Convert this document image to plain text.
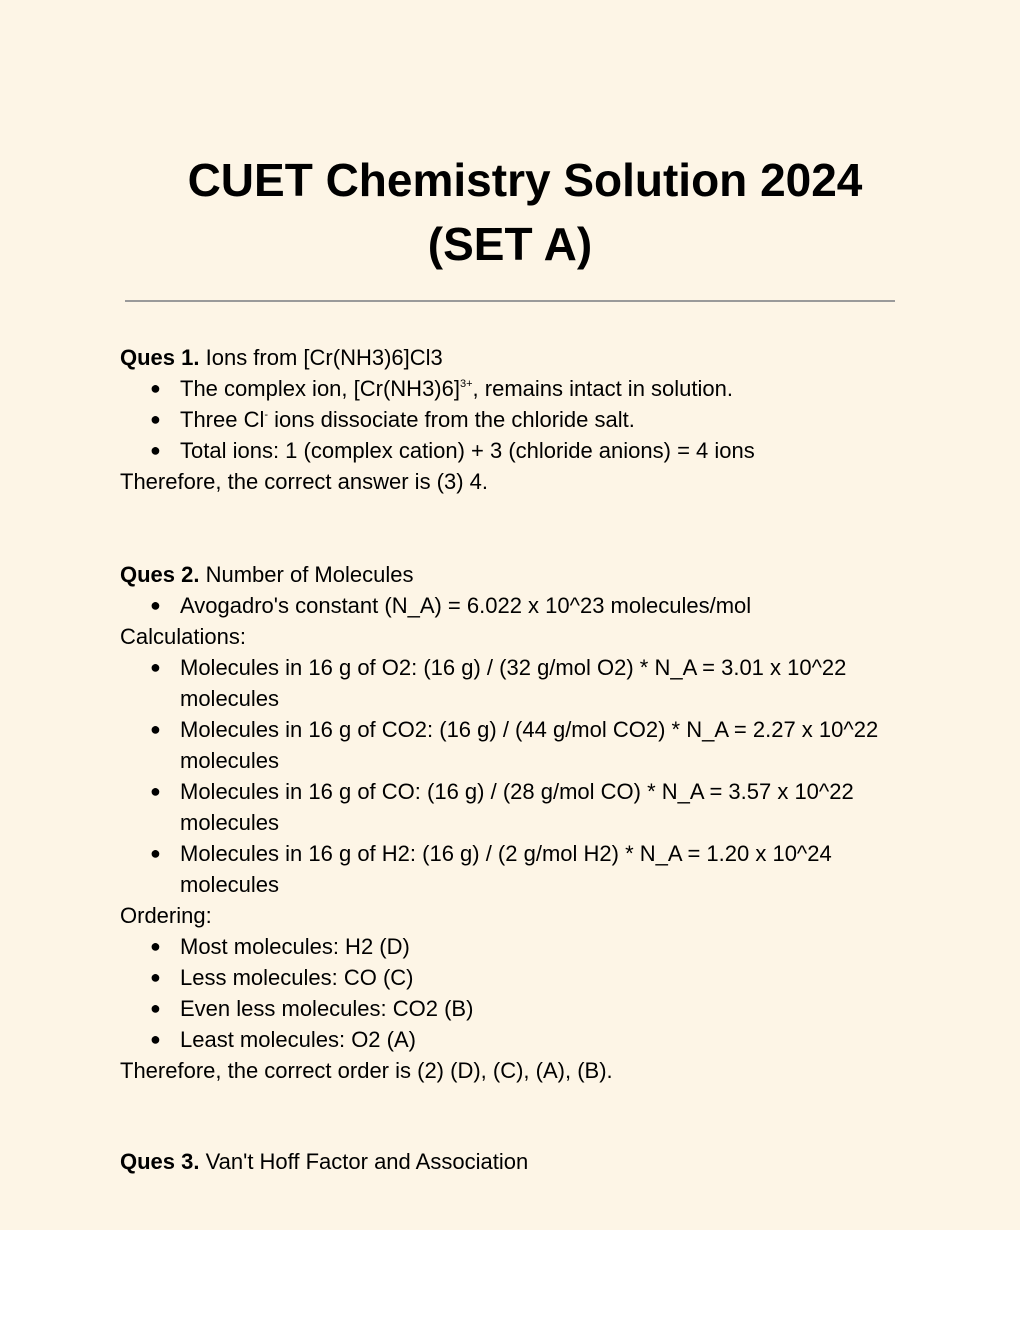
CUET Chemistry Solution 2024
(SET A)

Ques 1. Ions from [Cr(NH3)6]Cl3

● The complex ion, $[Cr(NH3)6]^{3+}$, remains intact in solution.
● Three Cl- ions dissociate from the chloride salt.
● Total ions: 1 (complex cation) + 3 (chloride anions) = 4 ions

Therefore, the correct answer is (3) 4.

Ques 2. Number of Molecules

● Avogadro's constant (N_A) = 6.022 x 10^23 molecules/mol

Calculations:

● Molecules in 16 g of O2: (16 g) / (32 g/mol O2) * N_A = 3.01 x 10^22 molecules
● Molecules in 16 g of CO2: (16 g) / (44 g/mol CO2) * N_A = 2.27 x 10^22 molecules
● Molecules in 16 g of CO: (16 g) / (28 g/mol CO) * N_A = 3.57 x 10^22 molecules
● Molecules in 16 g of H2: (16 g) / (2 g/mol H2) * N_A = 1.20 x 10^24 molecules

Ordering:

● Most molecules: H2 (D)
● Less molecules: CO (C)
● Even less molecules: CO2 (B)
● Least molecules: O2 (A)

Therefore, the correct order is (2) (D), (C), (A), (B).

Ques 3. Van't Hoff Factor and Association
